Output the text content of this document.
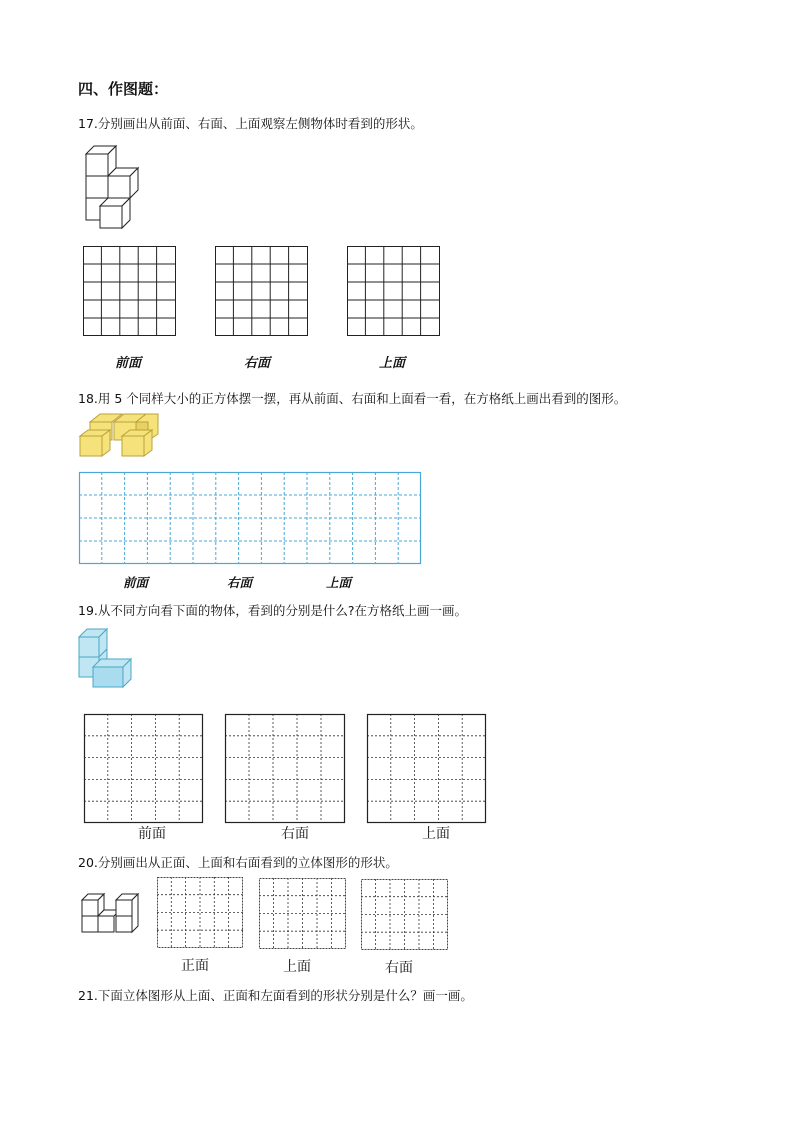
四、作图题：
17.分别画出从前面、右面、上面观察左侧物体时看到的形状。
前面	右面	上面
18.用 5 个同样大小的正方体摆一摆，再从前面、右面和上面看一看，在方格纸上画出看到的图形。
前面	右面	上面
19.从不同方向看下面的物体，看到的分别是什么?在方格纸上画一画。
前面	右面	上面
20.分别画出从正面、上面和右面看到的立体图形的形状。
正面	上面	右面
21.下面立体图形从上面、正面和左面看到的形状分别是什么？画一画。
